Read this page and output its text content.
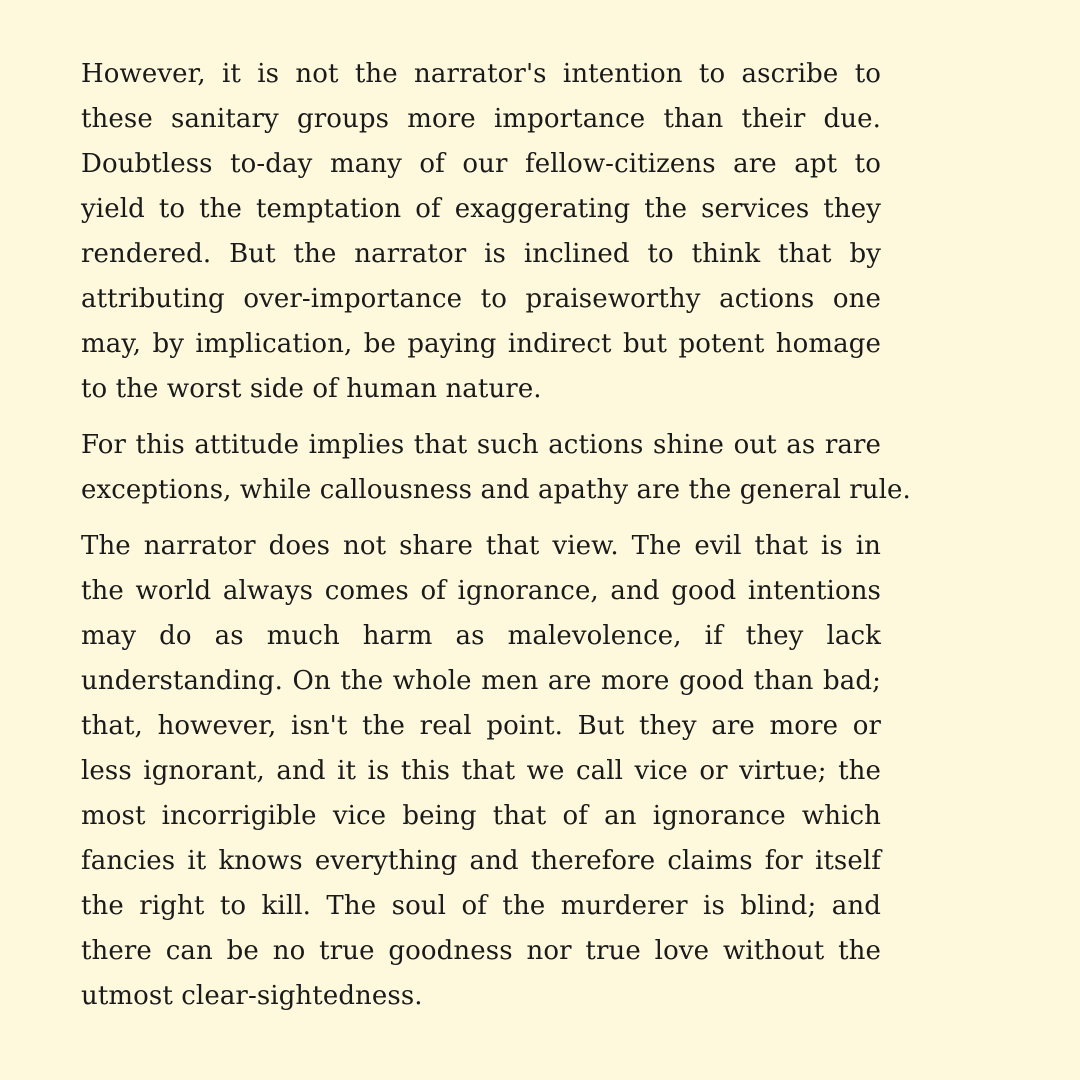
However, it is not the narrator's intention to ascribe to
these sanitary groups more importance than their due.
Doubtless to-day many of our fellow-citizens are apt to
yield to the temptation of exaggerating the services they
rendered. But the narrator is inclined to think that by
attributing over-importance to praiseworthy actions one
may, by implication, be paying indirect but potent homage
to the worst side of human nature.

For this attitude implies that such actions shine out as rare
exceptions, while callousness and apathy are the general rule.

The narrator does not share that view. The evil that is in
the world always comes of ignorance, and good intentions
may do as much harm as malevolence, if they lack
understanding. On the whole men are more good than bad;
that, however, isn't the real point. But they are more or
less ignorant, and it is this that we call vice or virtue; the
most incorrigible vice being that of an ignorance which
fancies it knows everything and therefore claims for itself
the right to kill. The soul of the murderer is blind; and
there can be no true goodness nor true love without the
utmost clear-sightedness.
